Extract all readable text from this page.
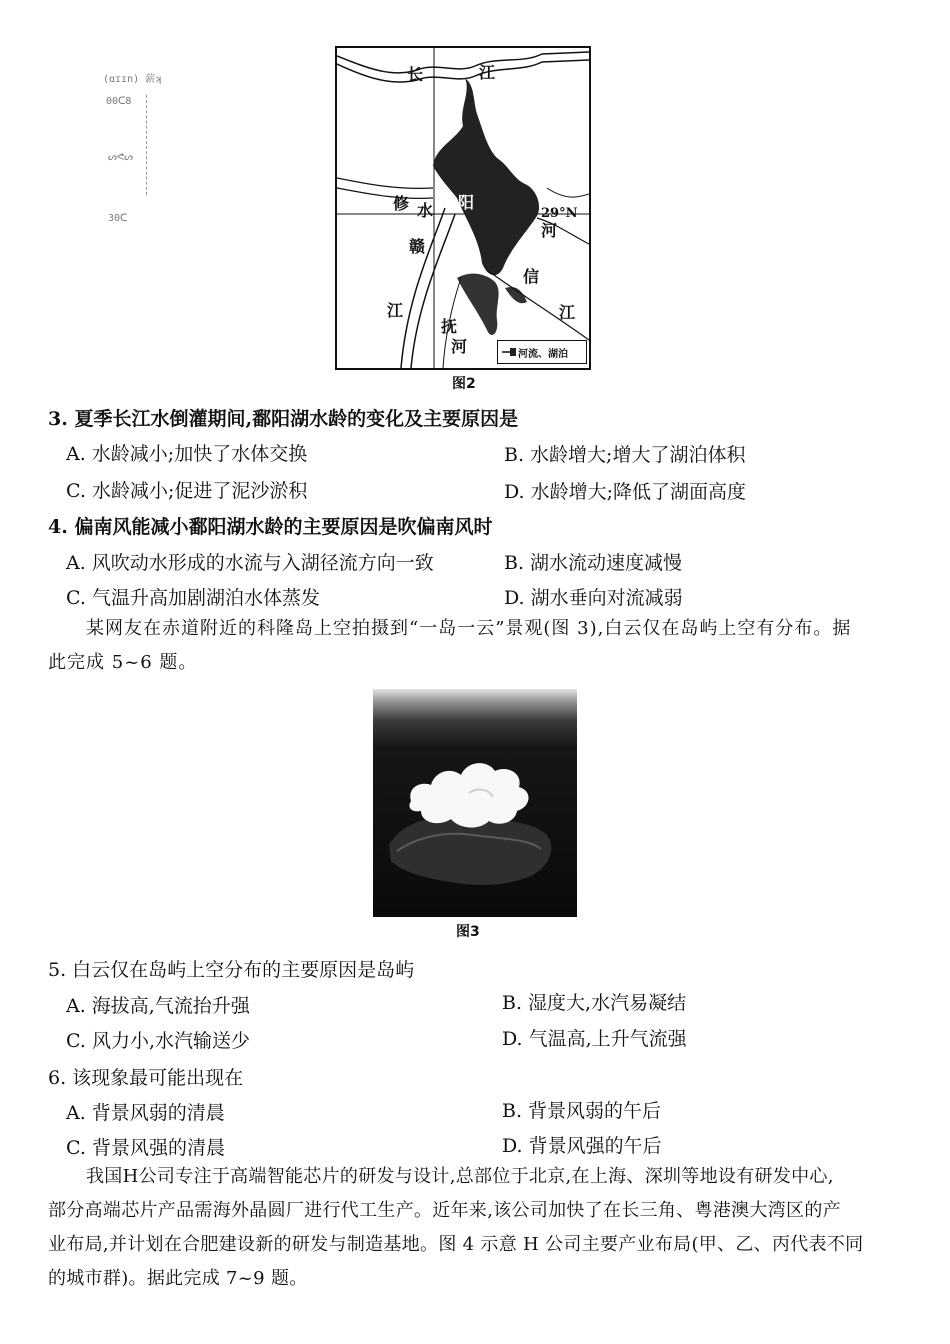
(ɑɪɪn) 薪ʞ
00ᑕ8
ᔕᕙᔕ
30ᑕ
长	江
修 水 阳
29°N
赣
江
河
信
江
抚
河	河流、湖泊
图2
3. 夏季长江水倒灌期间,鄱阳湖水龄的变化及主要原因是
A. 水龄减小;加快了水体交换	B. 水龄增大;增大了湖泊体积
C. 水龄减小;促进了泥沙淤积	D. 水龄增大;降低了湖面高度
4. 偏南风能减小鄱阳湖水龄的主要原因是吹偏南风时
A. 风吹动水形成的水流与入湖径流方向一致	B. 湖水流动速度减慢
C. 气温升高加剧湖泊水体蒸发	D. 湖水垂向对流减弱
某网友在赤道附近的科隆岛上空拍摄到“一岛一云”景观(图 3),白云仅在岛屿上空有分布。据
此完成 5~6 题。
图3
5. 白云仅在岛屿上空分布的主要原因是岛屿
A. 海拔高,气流抬升强	B. 湿度大,水汽易凝结
C. 风力小,水汽输送少	D. 气温高,上升气流强
6. 该现象最可能出现在
A. 背景风弱的清晨	B. 背景风弱的午后
C. 背景风强的清晨	D. 背景风强的午后
我国H公司专注于高端智能芯片的研发与设计,总部位于北京,在上海、深圳等地设有研发中心,
部分高端芯片产品需海外晶圆厂进行代工生产。近年来,该公司加快了在长三角、粤港澳大湾区的产
业布局,并计划在合肥建设新的研发与制造基地。图 4 示意 H 公司主要产业布局(甲、乙、丙代表不同
的城市群)。据此完成 7~9 题。
